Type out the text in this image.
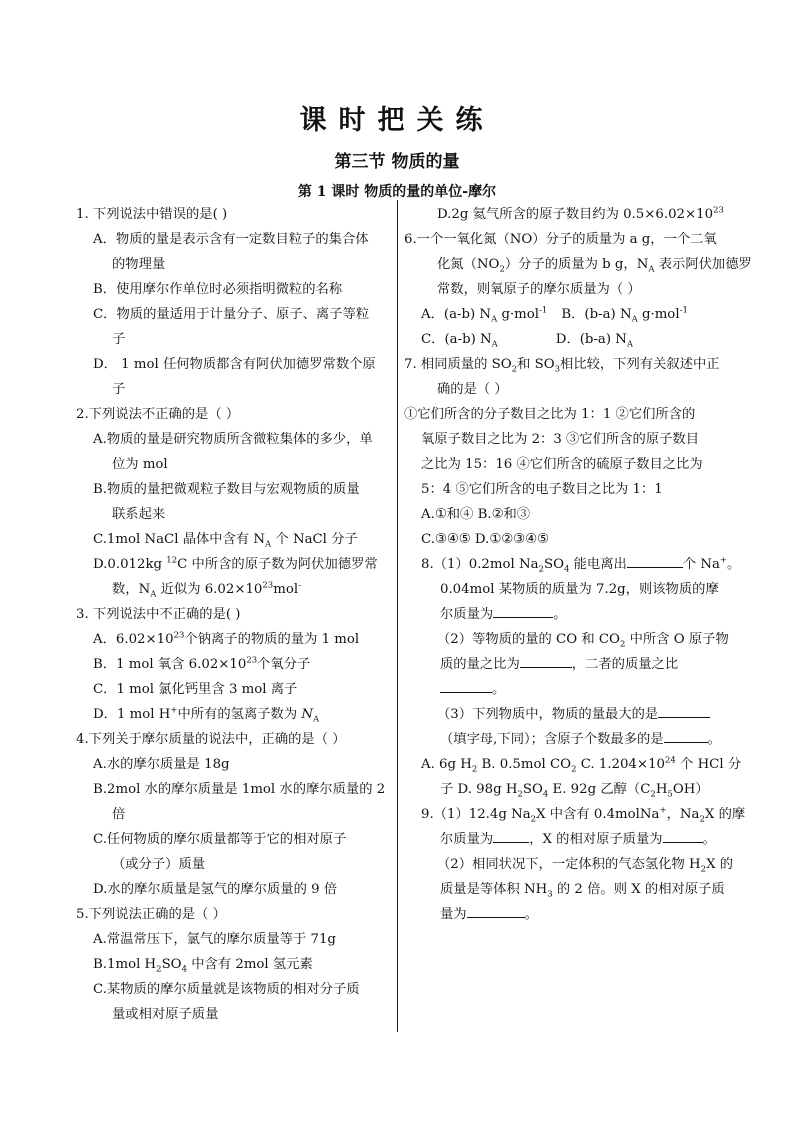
课时把关练
第三节 物质的量
第 1 课时 物质的量的单位-摩尔
1. 下列说法中错误的是( )
A．物质的量是表示含有一定数目粒子的集合体
的物理量
B．使用摩尔作单位时必须指明微粒的名称
C．物质的量适用于计量分子、原子、离子等粒
子
D． 1 mol 任何物质都含有阿伏加德罗常数个原
子
2.下列说法不正确的是（ ）
A.物质的量是研究物质所含微粒集体的多少，单
位为 mol
B.物质的量把微观粒子数目与宏观物质的质量
联系起来
C.1mol NaCl 晶体中含有 $N_A$ 个 NaCl 分子
D.0.012kg $^{12}$C 中所含的原子数为阿伏加德罗常
数，$N_A$ 近似为 $6.02\times 10^{23}mol^-$
3. 下列说法中不正确的是( )
A．$6.02\times 10^{23}$个钠离子的物质的量为 1 mol
B．1 mol 氧含 $6.02\times 10^{23}$个氧分子
C．1 mol 氯化钙里含 3 mol 离子
D．1 mol H+中所有的氢离子数为 $N_A$
4.下列关于摩尔质量的说法中，正确的是（ ）
A.水的摩尔质量是 18g
B.2mol 水的摩尔质量是 1mol 水的摩尔质量的 2
倍
C.任何物质的摩尔质量都等于它的相对原子
（或分子）质量
D.水的摩尔质量是氢气的摩尔质量的 9 倍
5.下列说法正确的是（ ）
A.常温常压下，氯气的摩尔质量等于 71g
B.1mol $H_2SO_4$ 中含有 2mol 氢元素
C.某物质的摩尔质量就是该物质的相对分子质
量或相对原子质量
D.2g 氦气所含的原子数目约为 $0.5\times 6.02\times 10^{23}$
6.一个一氧化氮（NO）分子的质量为 a g，一个二氧
化氮$(NO_2)$分子的质量为 b g，$N_A$ 表示阿伏加德罗
常数，则氧原子的摩尔质量为（ ）
A．(a-b) $N_A$ g·mol$^{-1}$ B．(b-a) $N_A$ g·mol$^{-1}$
C．(a-b) $N_A$	D．(b-a) $N_A$
7. 相同质量的 $SO_2$和 $SO_3$相比较，下列有关叙述中正
确的是（ ）
①它们所含的分子数目之比为 1：1 ②它们所含的
氧原子数目之比为 2：3 ③它们所含的原子数目
之比为 15：16 ④它们所含的硫原子数目之比为
5：4 ⑤它们所含的电子数目之比为 1：1
A.①和④ B.②和③
C.③④⑤ D.①②③④⑤
8.（1）0.2mol $Na_2SO_4$ 能电离出	个 Na+。
0.04mol 某物质的质量为 7.2g，则该物质的摩
尔质量为	。
（2）等物质的量的 CO 和 $CO_2$ 中所含 O 原子物
质的量之比为	，二者的质量之比
。
（3）下列物质中，物质的量最大的是
（填字母,下同）；含原子个数最多的是	。
A. 6g $H_2$ B. 0.5mol $CO_2$ C. $1.204\times 10^{24}$ 个 HCl 分
子 D. 98g $H_2SO_4$ E. 92g 乙醇$(C_2H_5OH)$
9.（1）12.4g $Na_2X$ 中含有 0.4molNa+，$Na_2X$ 的摩
尔质量为	，X 的相对原子质量为	。
（2）相同状况下，一定体积的气态氢化物 $H_2X$ 的
质量是等体积 $NH_3$ 的 2 倍。则 X 的相对原子质
量为	。
